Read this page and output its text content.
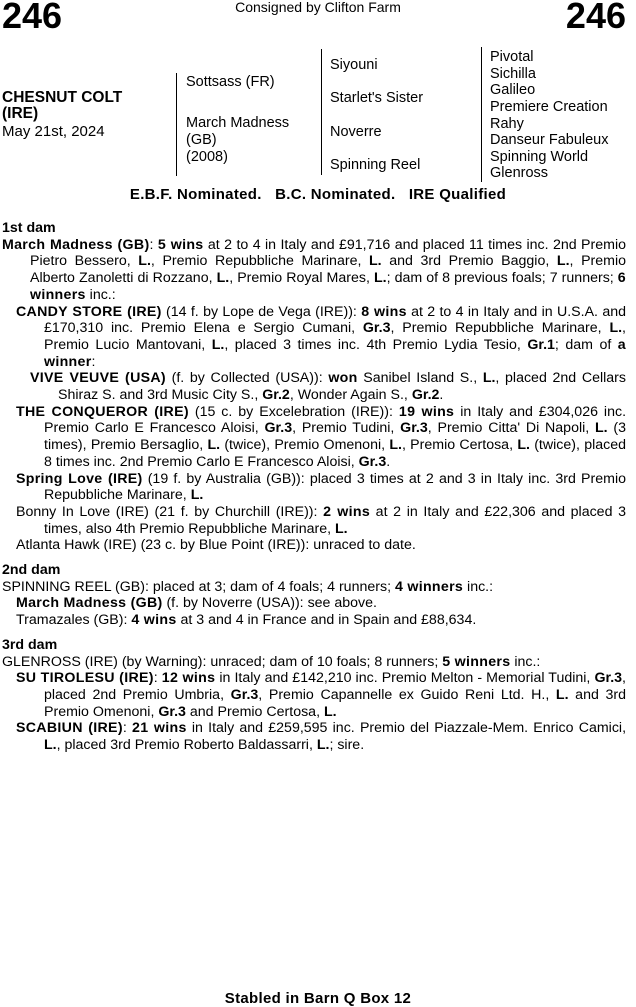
246	Consigned by Clifton Farm	246
CHESNUT COLT
(IRE)
May 21st, 2024
Sottsass (FR)
March Madness
(GB)
(2008)
Siyouni
Starlet's Sister
Noverre
Spinning Reel
Pivotal
Sichilla
Galileo
Premiere Creation
Rahy
Danseur Fabuleux
Spinning World
Glenross
E.B.F. Nominated.   B.C. Nominated.   IRE Qualified
1st dam

March Madness (GB): 5 wins at 2 to 4 in Italy and £91,716 and placed 11 times inc. 2nd Premio Pietro Bessero, L., Premio Repubbliche Marinare, L. and 3rd Premio Baggio, L., Premio Alberto Zanoletti di Rozzano, L., Premio Royal Mares, L.; dam of 8 previous foals; 7 runners; 6 winners inc.:

CANDY STORE (IRE) (14 f. by Lope de Vega (IRE)): 8 wins at 2 to 4 in Italy and in U.S.A. and £170,310 inc. Premio Elena e Sergio Cumani, Gr.3, Premio Repubbliche Marinare, L., Premio Lucio Mantovani, L., placed 3 times inc. 4th Premio Lydia Tesio, Gr.1; dam of a winner:

VIVE VEUVE (USA) (f. by Collected (USA)): won Sanibel Island S., L., placed 2nd Cellars Shiraz S. and 3rd Music City S., Gr.2, Wonder Again S., Gr.2.

THE CONQUEROR (IRE) (15 c. by Excelebration (IRE)): 19 wins in Italy and £304,026 inc. Premio Carlo E Francesco Aloisi, Gr.3, Premio Tudini, Gr.3, Premio Citta' Di Napoli, L. (3 times), Premio Bersaglio, L. (twice), Premio Omenoni, L., Premio Certosa, L. (twice), placed 8 times inc. 2nd Premio Carlo E Francesco Aloisi, Gr.3.

Spring Love (IRE) (19 f. by Australia (GB)): placed 3 times at 2 and 3 in Italy inc. 3rd Premio Repubbliche Marinare, L.

Bonny In Love (IRE) (21 f. by Churchill (IRE)): 2 wins at 2 in Italy and £22,306 and placed 3 times, also 4th Premio Repubbliche Marinare, L.

Atlanta Hawk (IRE) (23 c. by Blue Point (IRE)): unraced to date.

2nd dam

SPINNING REEL (GB): placed at 3; dam of 4 foals; 4 runners; 4 winners inc.:

March Madness (GB) (f. by Noverre (USA)): see above.

Tramazales (GB): 4 wins at 3 and 4 in France and in Spain and £88,634.

3rd dam

GLENROSS (IRE) (by Warning): unraced; dam of 10 foals; 8 runners; 5 winners inc.:

SU TIROLESU (IRE): 12 wins in Italy and £142,210 inc. Premio Melton - Memorial Tudini, Gr.3, placed 2nd Premio Umbria, Gr.3, Premio Capannelle ex Guido Reni Ltd. H., L. and 3rd Premio Omenoni, Gr.3 and Premio Certosa, L.

SCABIUN (IRE): 21 wins in Italy and £259,595 inc. Premio del Piazzale-Mem. Enrico Camici, L., placed 3rd Premio Roberto Baldassarri, L.; sire.

Stabled in Barn Q Box 12
